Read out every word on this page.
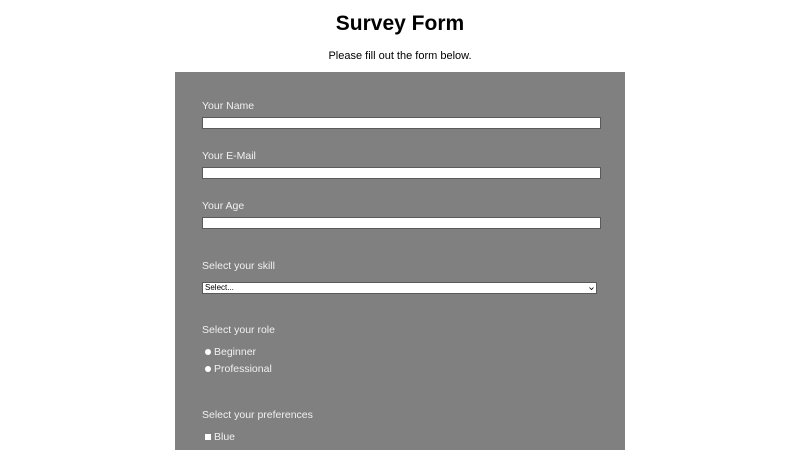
Survey Form

Please fill out the form below.

Your Name
Your E-Mail
Your Age
Select your skill
Select...
Select your role
Beginner
Professional
Select your preferences
Blue
